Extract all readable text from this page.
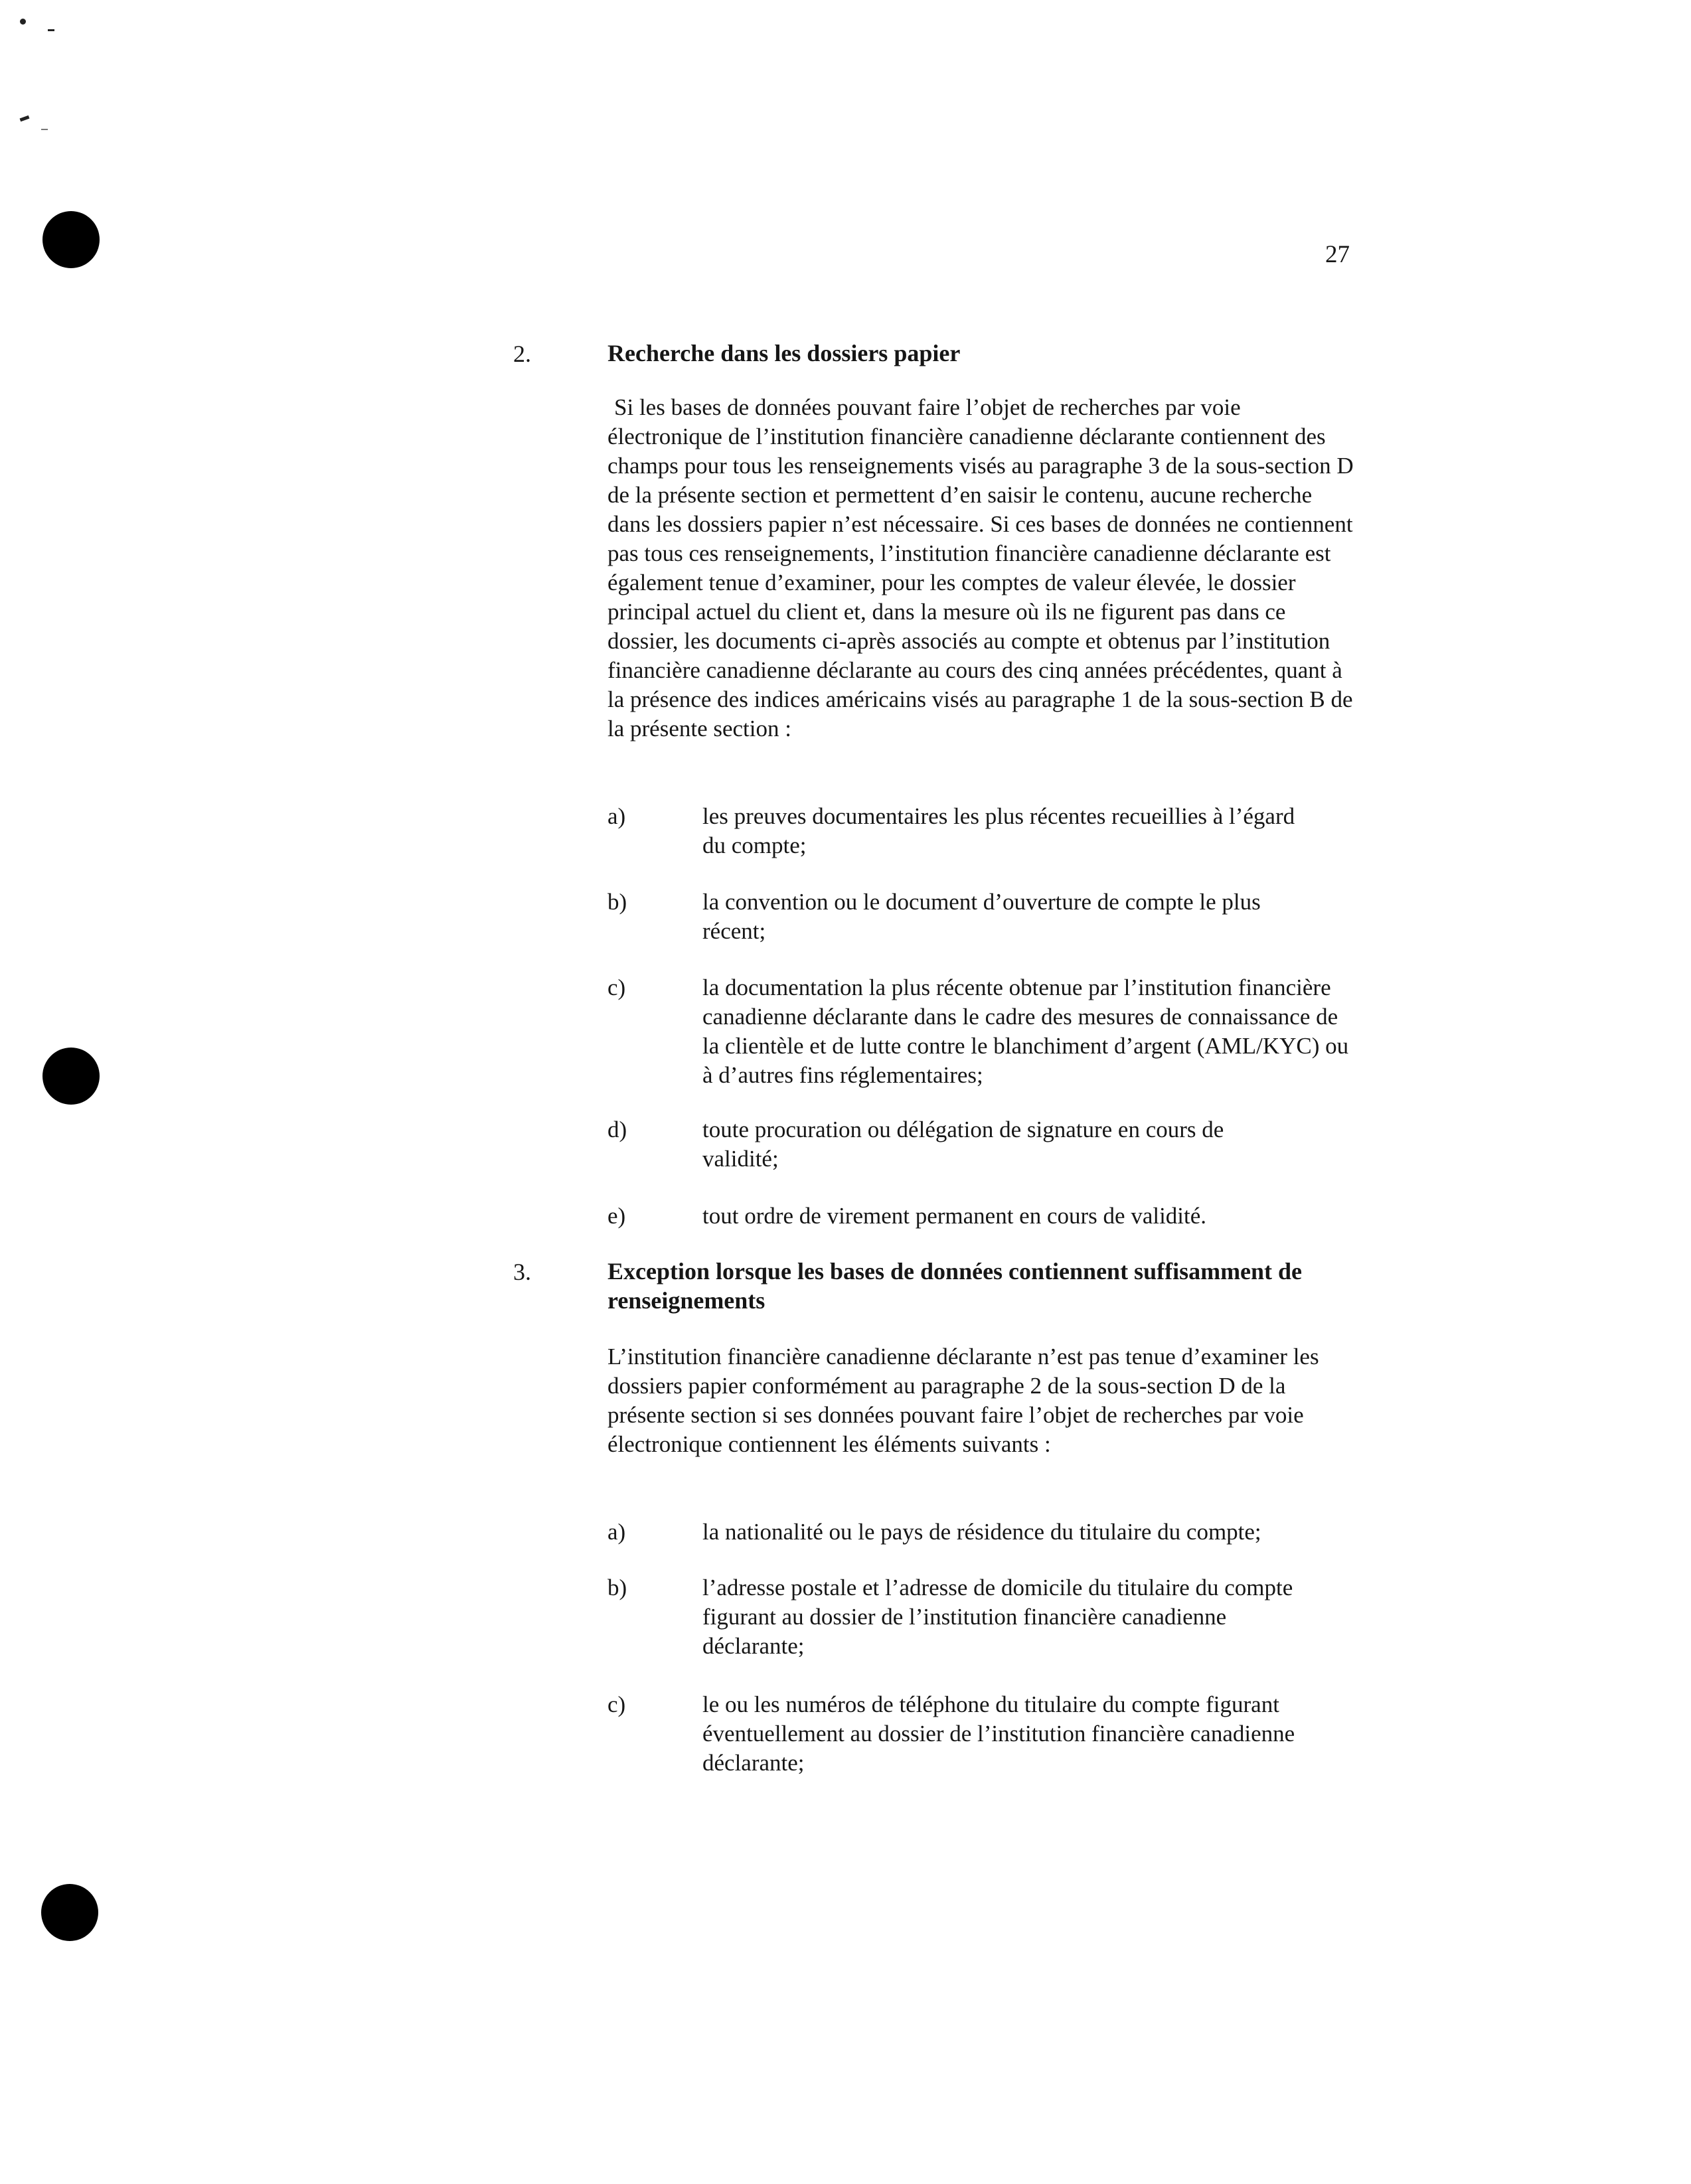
27
2.	Recherche dans les dossiers papier

Si les bases de données pouvant faire l’objet de recherches par voie électronique de l’institution financière canadienne déclarante contiennent des champs pour tous les renseignements visés au paragraphe 3 de la sous-section D de la présente section et permettent d’en saisir le contenu, aucune recherche dans les dossiers papier n’est nécessaire. Si ces bases de données ne contiennent pas tous ces renseignements, l’institution financière canadienne déclarante est également tenue d’examiner, pour les comptes de valeur élevée, le dossier principal actuel du client et, dans la mesure où ils ne figurent pas dans ce dossier, les documents ci-après associés au compte et obtenus par l’institution financière canadienne déclarante au cours des cinq années précédentes, quant à la présence des indices américains visés au paragraphe 1 de la sous-section B de la présente section :

a)	les preuves documentaires les plus récentes recueillies à l’égard du compte;

b)	la convention ou le document d’ouverture de compte le plus récent;

c)	la documentation la plus récente obtenue par l’institution financière canadienne déclarante dans le cadre des mesures de connaissance de la clientèle et de lutte contre le blanchiment d’argent (AML/KYC) ou à d’autres fins réglementaires;

d)	toute procuration ou délégation de signature en cours de validité;

e)	tout ordre de virement permanent en cours de validité.

3.	Exception lorsque les bases de données contiennent suffisamment de renseignements

L’institution financière canadienne déclarante n’est pas tenue d’examiner les dossiers papier conformément au paragraphe 2 de la sous-section D de la présente section si ses données pouvant faire l’objet de recherches par voie électronique contiennent les éléments suivants :

a)	la nationalité ou le pays de résidence du titulaire du compte;

b)	l’adresse postale et l’adresse de domicile du titulaire du compte figurant au dossier de l’institution financière canadienne déclarante;

c)	le ou les numéros de téléphone du titulaire du compte figurant éventuellement au dossier de l’institution financière canadienne déclarante;
